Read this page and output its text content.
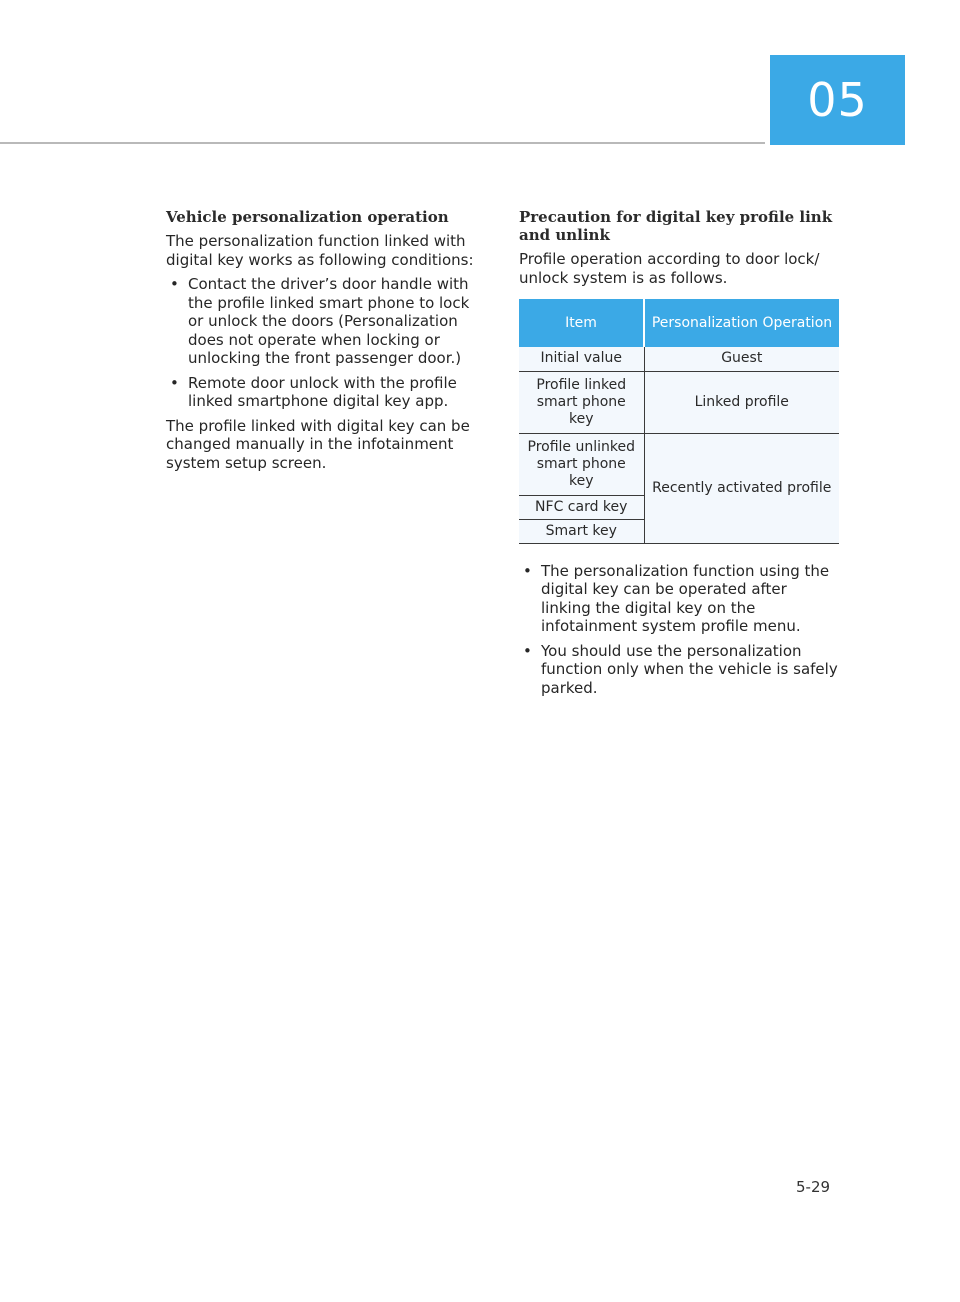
05
Vehicle personalization operation

The personalization function linked with digital key works as following conditions:

• Contact the driver’s door handle with the profile linked smart phone to lock or unlock the doors (Personalization does not operate when locking or unlocking the front passenger door.)
• Remote door unlock with the profile linked smartphone digital key app.

The profile linked with digital key can be changed manually in the infotainment system setup screen.

Precaution for digital key profile link and unlink

Profile operation according to door lock/ unlock system is as follows.

Item	Personalization Operation
Initial value	Guest
Profile linked smart phone key	Linked profile
Profile unlinked smart phone key	Recently activated profile
NFC card key	
Smart key	
• The personalization function using the digital key can be operated after linking the digital key on the infotainment system profile menu.
• You should use the personalization function only when the vehicle is safely parked.
5-29
